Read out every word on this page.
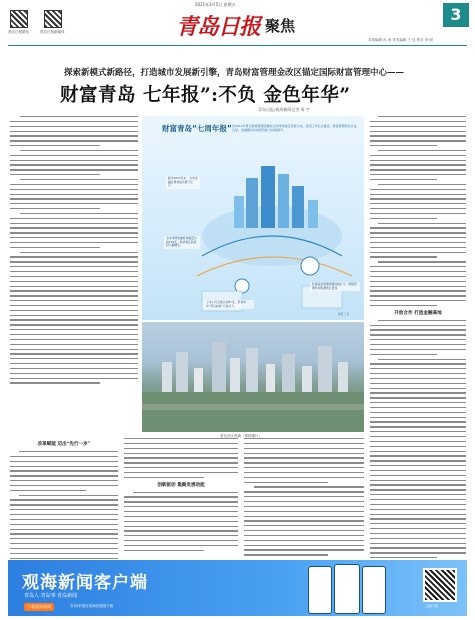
2021年3月5日 星期五
青岛日报微信	青岛日报新媒体	青岛日报 聚焦
3
本版编辑 孙 涛 美术编辑 王 佳 校对 李 明
探索新模式新路径，打造城市发展新引擎，青岛财富管理金改区锚定国际财富管理中心——
财富青岛 七年报”:不负 金色年华”
青岛日报/观海新闻记者 周 宇
财富青岛“七周年报” 自2014年青岛财富管理金融综合改革试验区获批以来，各项工作扎实推进，财富管理特色日益凸显，金融服务实体经济能力持续提升。
截至2020年末，全市金融业增加值突破千亿元。
全市持牌金融机构数量达到276家，较试验区获批时大幅增长。
私募基金管理规模持续扩大，财富管理机构集聚效应显现。
上市公司总数达到67家，资本市场“青岛板块”日益壮大。
制图 王佳
青岛市区风貌（资料图片）
开放合作 打造金融高地
改革赋能 迈出“先行一步”
创新驱动 集聚发展动能
观海新闻客户端
青岛人 青岛事 青岛新闻
下载观海新闻	安卓/苹果应用商店搜索下载	扫码下载
